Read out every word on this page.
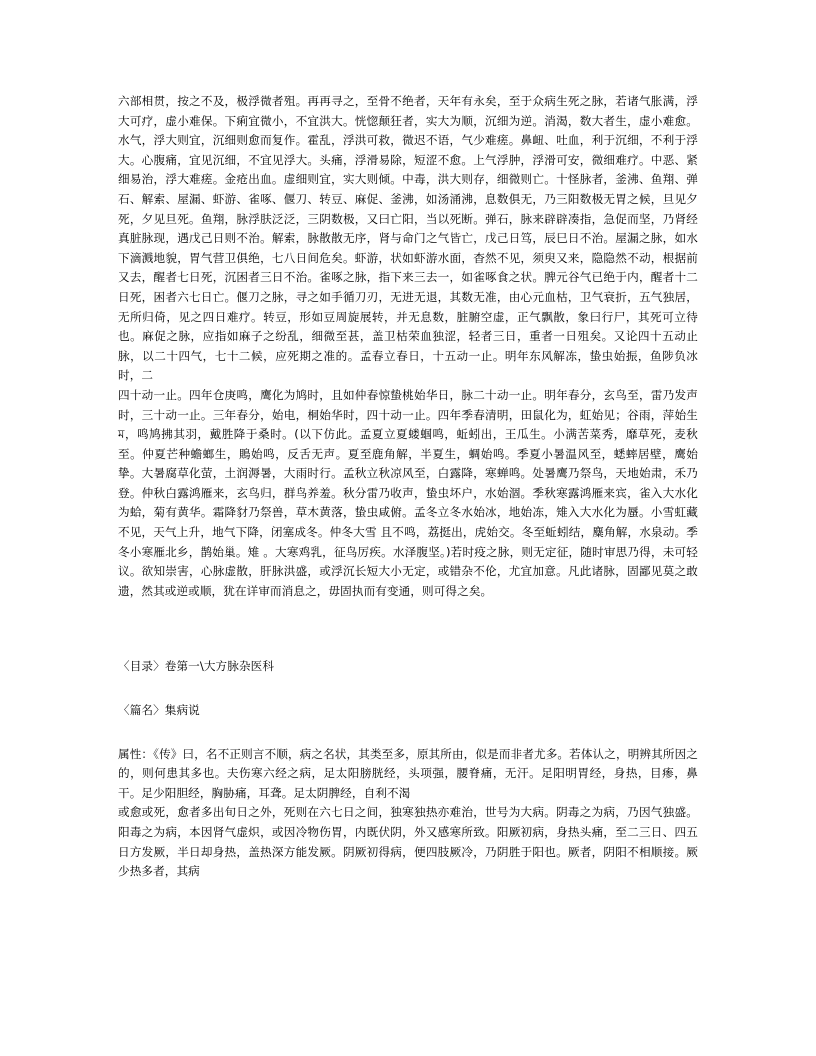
六部相贯，按之不及，极浮微者殂。再再寻之，至骨不绝者，天年有永矣，至于众病生死之脉，若诸气胀满，浮大可疗，虚小难保。下痢宜微小，不宜洪大。恍惚颠狂者，实大为顺，沉细为逆。消渴，数大者生，虚小难愈。水气，浮大则宜，沉细则愈而复作。霍乱，浮洪可救，微迟不语，气少难瘥。鼻衄、吐血，利于沉细，不利于浮大。心腹痛，宜见沉细，不宜见浮大。头痛，浮滑易除，短涩不愈。上气浮肿，浮滑可安，微细难疗。中恶、紧细易治，浮大难瘥。金疮出血。虚细则宜，实大则倾。中毒，洪大则存，细微则亡。十怪脉者，釜沸、鱼翔、弹石、解索、屋漏、虾游、雀啄、偃刀、转豆、麻促、釜沸，如汤涌沸，息数俱无，乃三阳数极无胃之候，旦见夕死，夕见旦死。鱼翔，脉浮肤泛泛，三阴数极，又曰亡阳，当以死断。弹石，脉来辟辟凑指，急促而坚，乃肾经真脏脉现，遇戊己日则不治。解索，脉散散无序，肾与命门之气皆亡，戊己日笃，辰巳日不治。屋漏之脉，如水下滴溅地貌，胃气营卫俱绝，七八日间危矣。虾游，状如虾游水面，杳然不见，须臾又来，隐隐然不动，根据前又去，醒者七日死，沉困者三日不治。雀啄之脉，指下来三去一，如雀啄食之状。脾元谷气已绝于内，醒者十二日死，困者六七日亡。偃刀之脉，寻之如手循刀刃，无进无退，其数无准，由心元血枯，卫气衰折，五气独居，无所归倚，见之四日难疗。转豆，形如豆周旋展转，并无息数，脏腑空虚，正气飘散，象曰行尸，其死可立待也。麻促之脉，应指如麻子之纷乱，细微至甚，盖卫枯荣血独涩，轻者三日，重者一日殂矣。又论四十五动止脉，以二十四气，七十二候，应死期之准的。孟春立春日，十五动一止。明年东风解冻，蛰虫始振，鱼陟负冰时，二

四十动一止。四年仓庚鸣，鹰化为鸠时，且如仲春惊蛰桃始华日，脉二十动一止。明年春分，玄鸟至，雷乃发声时，三十动一止。三年春分，始电，桐始华时，四十动一止。四年季春清明，田鼠化为，虹始见；谷雨，萍始生ম，鸣鸠拂其羽，戴胜降于桑时。(以下仿此。孟夏立夏蝼蝈鸣，蚯蚓出，王瓜生。小满苦菜秀，靡草死，麦秋至。仲夏芒种蟾螂生，鵙始鸣，反舌无声。夏至鹿角解，半夏生，蜩始鸣。季夏小暑温风至，蟋蟀居壁，鹰始挚。大暑腐草化萤，土润溽暑，大雨时行。孟秋立秋凉风至，白露降，寒蝉鸣。处暑鹰乃祭鸟，天地始肃，禾乃登。仲秋白露鸿雁来，玄鸟归，群鸟养羞。秋分雷乃收声，蛰虫坏户，水始涸。季秋寒露鸿雁来宾，雀入大水化为蛤，菊有黄华。霜降豺乃祭兽，草木黄落，蛰虫咸俯。孟冬立冬水始冰，地始冻，雉入大水化为蜃。小雪虹藏不见，天气上升，地气下降，闭塞成冬。仲冬大雪 且不鸣，荔挺出，虎始交。冬至蚯蚓结，麋角解，水泉动。季冬小寒雁北乡，鹊始巢。雉 。大寒鸡乳，征鸟厉疾。水泽腹坚。)若时疫之脉，则无定征，随时审思乃得，未可轻议。欲知崇害，心脉虚散，肝脉洪盛，或浮沉长短大小无定，或错杂不伦，尤宜加意。凡此诸脉，固鄙见莫之敢遗，然其或逆或顺，犹在详审而消息之，毋固执而有变通，则可得之矣。

〈目录〉卷第一\大方脉杂医科

〈篇名〉集病说

属性：《传》曰，名不正则言不顺，病之名状，其类至多，原其所由，似是而非者尤多。若体认之，明辨其所因之的，则何患其多也。夫伤寒六经之病，足太阳膀胱经，头项强，腰脊痛，无汗。足阳明胃经，身热，目瘆，鼻干。足少阳胆经，胸胁痛，耳聋。足太阴脾经，自利不渴

或愈或死，愈者多出旬日之外，死则在六七日之间，独寒独热亦难治，世号为大病。阴毒之为病，乃因气独盛。阳毒之为病，本因肾气虚炽，或因冷物伤胃，内既伏阴，外又感寒所致。阳厥初病，身热头痛，至二三日、四五日方发厥，半日却身热，盖热深方能发厥。阴厥初得病，便四肢厥冷，乃阴胜于阳也。厥者，阴阳不相顺接。厥少热多者，其病
